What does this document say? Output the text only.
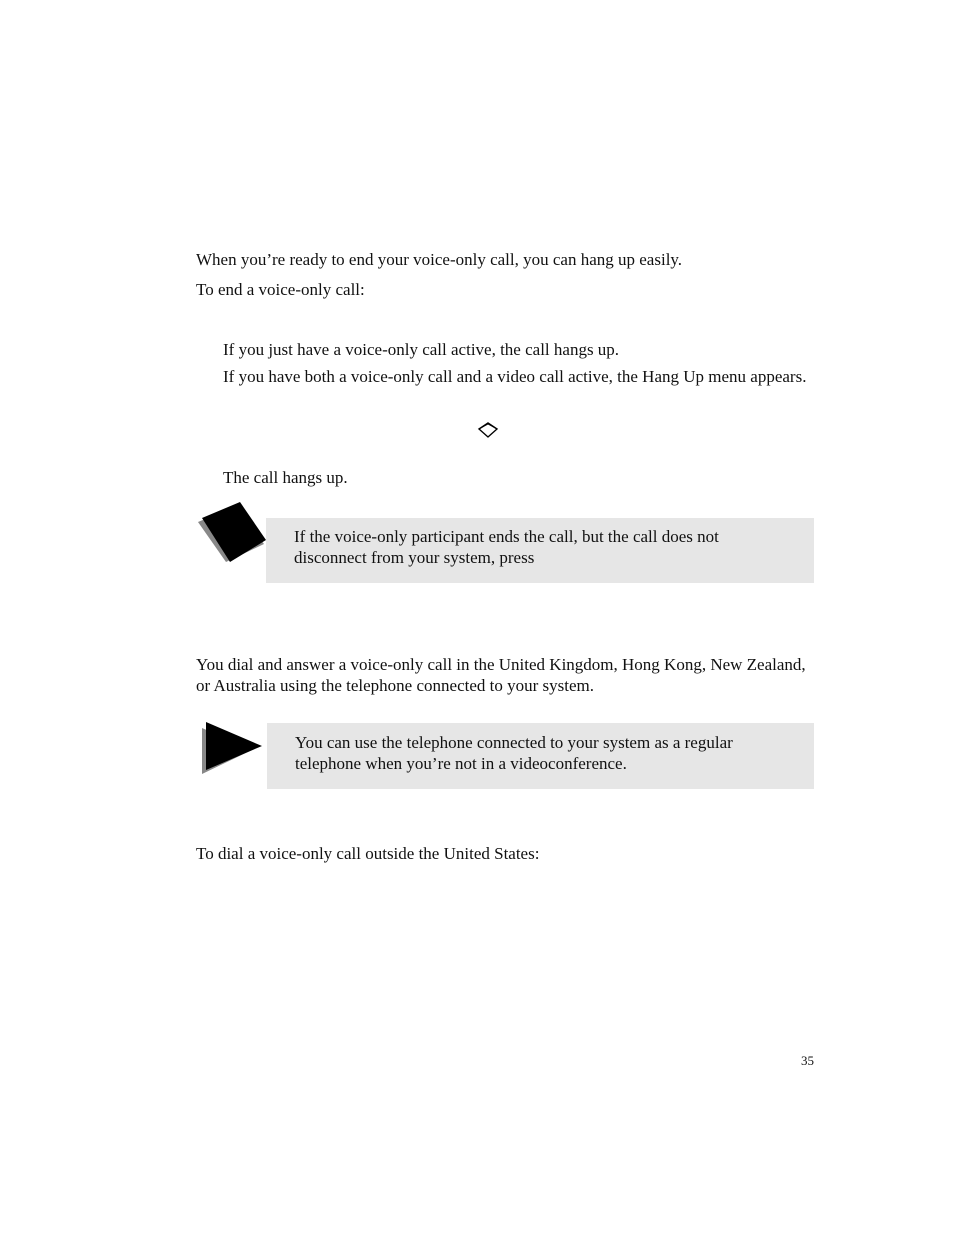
When you’re ready to end your voice-only call, you can hang up easily.

To end a voice-only call:

If you just have a voice-only call active, the call hangs up.

If you have both a voice-only call and a video call active, the Hang Up menu appears.

The call hangs up.

If the voice-only participant ends the call, but the call does not disconnect from your system, press

You dial and answer a voice-only call in the United Kingdom, Hong Kong, New Zealand, or Australia using the telephone connected to your system.

You can use the telephone connected to your system as a regular telephone when you’re not in a videoconference.

To dial a voice-only call outside the United States:

35
